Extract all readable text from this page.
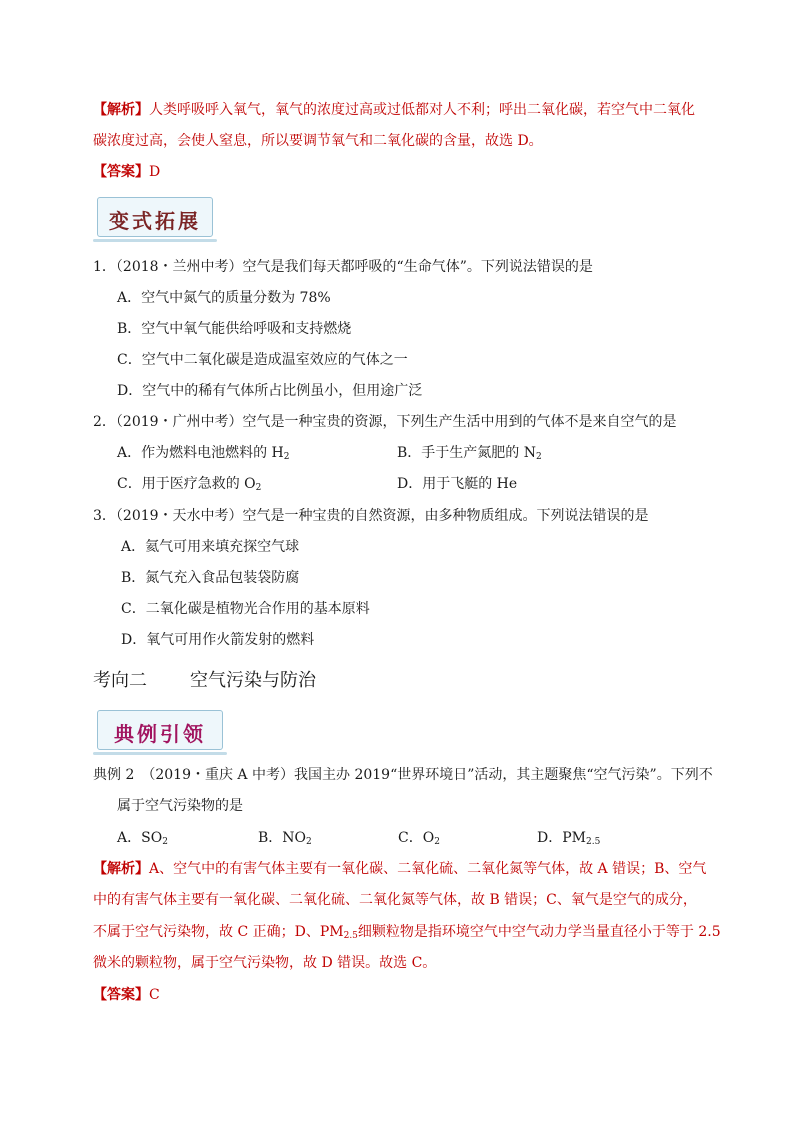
【解析】人类呼吸呼入氧气，氧气的浓度过高或过低都对人不利；呼出二氧化碳，若空气中二氧化
碳浓度过高，会使人窒息，所以要调节氧气和二氧化碳的含量，故选 D。
【答案】D
变式拓展
1．（2018・兰州中考）空气是我们每天都呼吸的“生命气体”。下列说法错误的是
A．空气中氮气的质量分数为 78%
B．空气中氧气能供给呼吸和支持燃烧
C．空气中二氧化碳是造成温室效应的气体之一
D．空气中的稀有气体所占比例虽小，但用途广泛
2．（2019・广州中考）空气是一种宝贵的资源，下列生产生活中用到的气体不是来自空气的是
A．作为燃料电池燃料的 $H_2$	B．手于生产氮肥的 $N_2$
C．用于医疗急救的 $O_2$	D．用于飞艇的 He
3．（2019・天水中考）空气是一种宝贵的自然资源，由多种物质组成。下列说法错误的是
A．氦气可用来填充探空气球
B．氮气充入食品包装袋防腐
C．二氧化碳是植物光合作用的基本原料
D．氧气可用作火箭发射的燃料
考向二 空气污染与防治
典例引领
典例 2　（2019・重庆 A 中考）我国主办 2019“世界环境日”活动，其主题聚焦“空气污染”。下列不
属于空气污染物的是
A．$SO_2$	B．$NO_2$	C．$O_2$	D．$PM_{2.5}$
【解析】A、空气中的有害气体主要有一氧化碳、二氧化硫、二氧化氮等气体，故 A 错误；B、空气
中的有害气体主要有一氧化碳、二氧化硫、二氧化氮等气体，故 B 错误；C、氧气是空气的成分，
不属于空气污染物，故 C 正确；D、$PM_{2.5}$细颗粒物是指环境空气中空气动力学当量直径小于等于 2.5
微米的颗粒物，属于空气污染物，故 D 错误。故选 C。
【答案】C
